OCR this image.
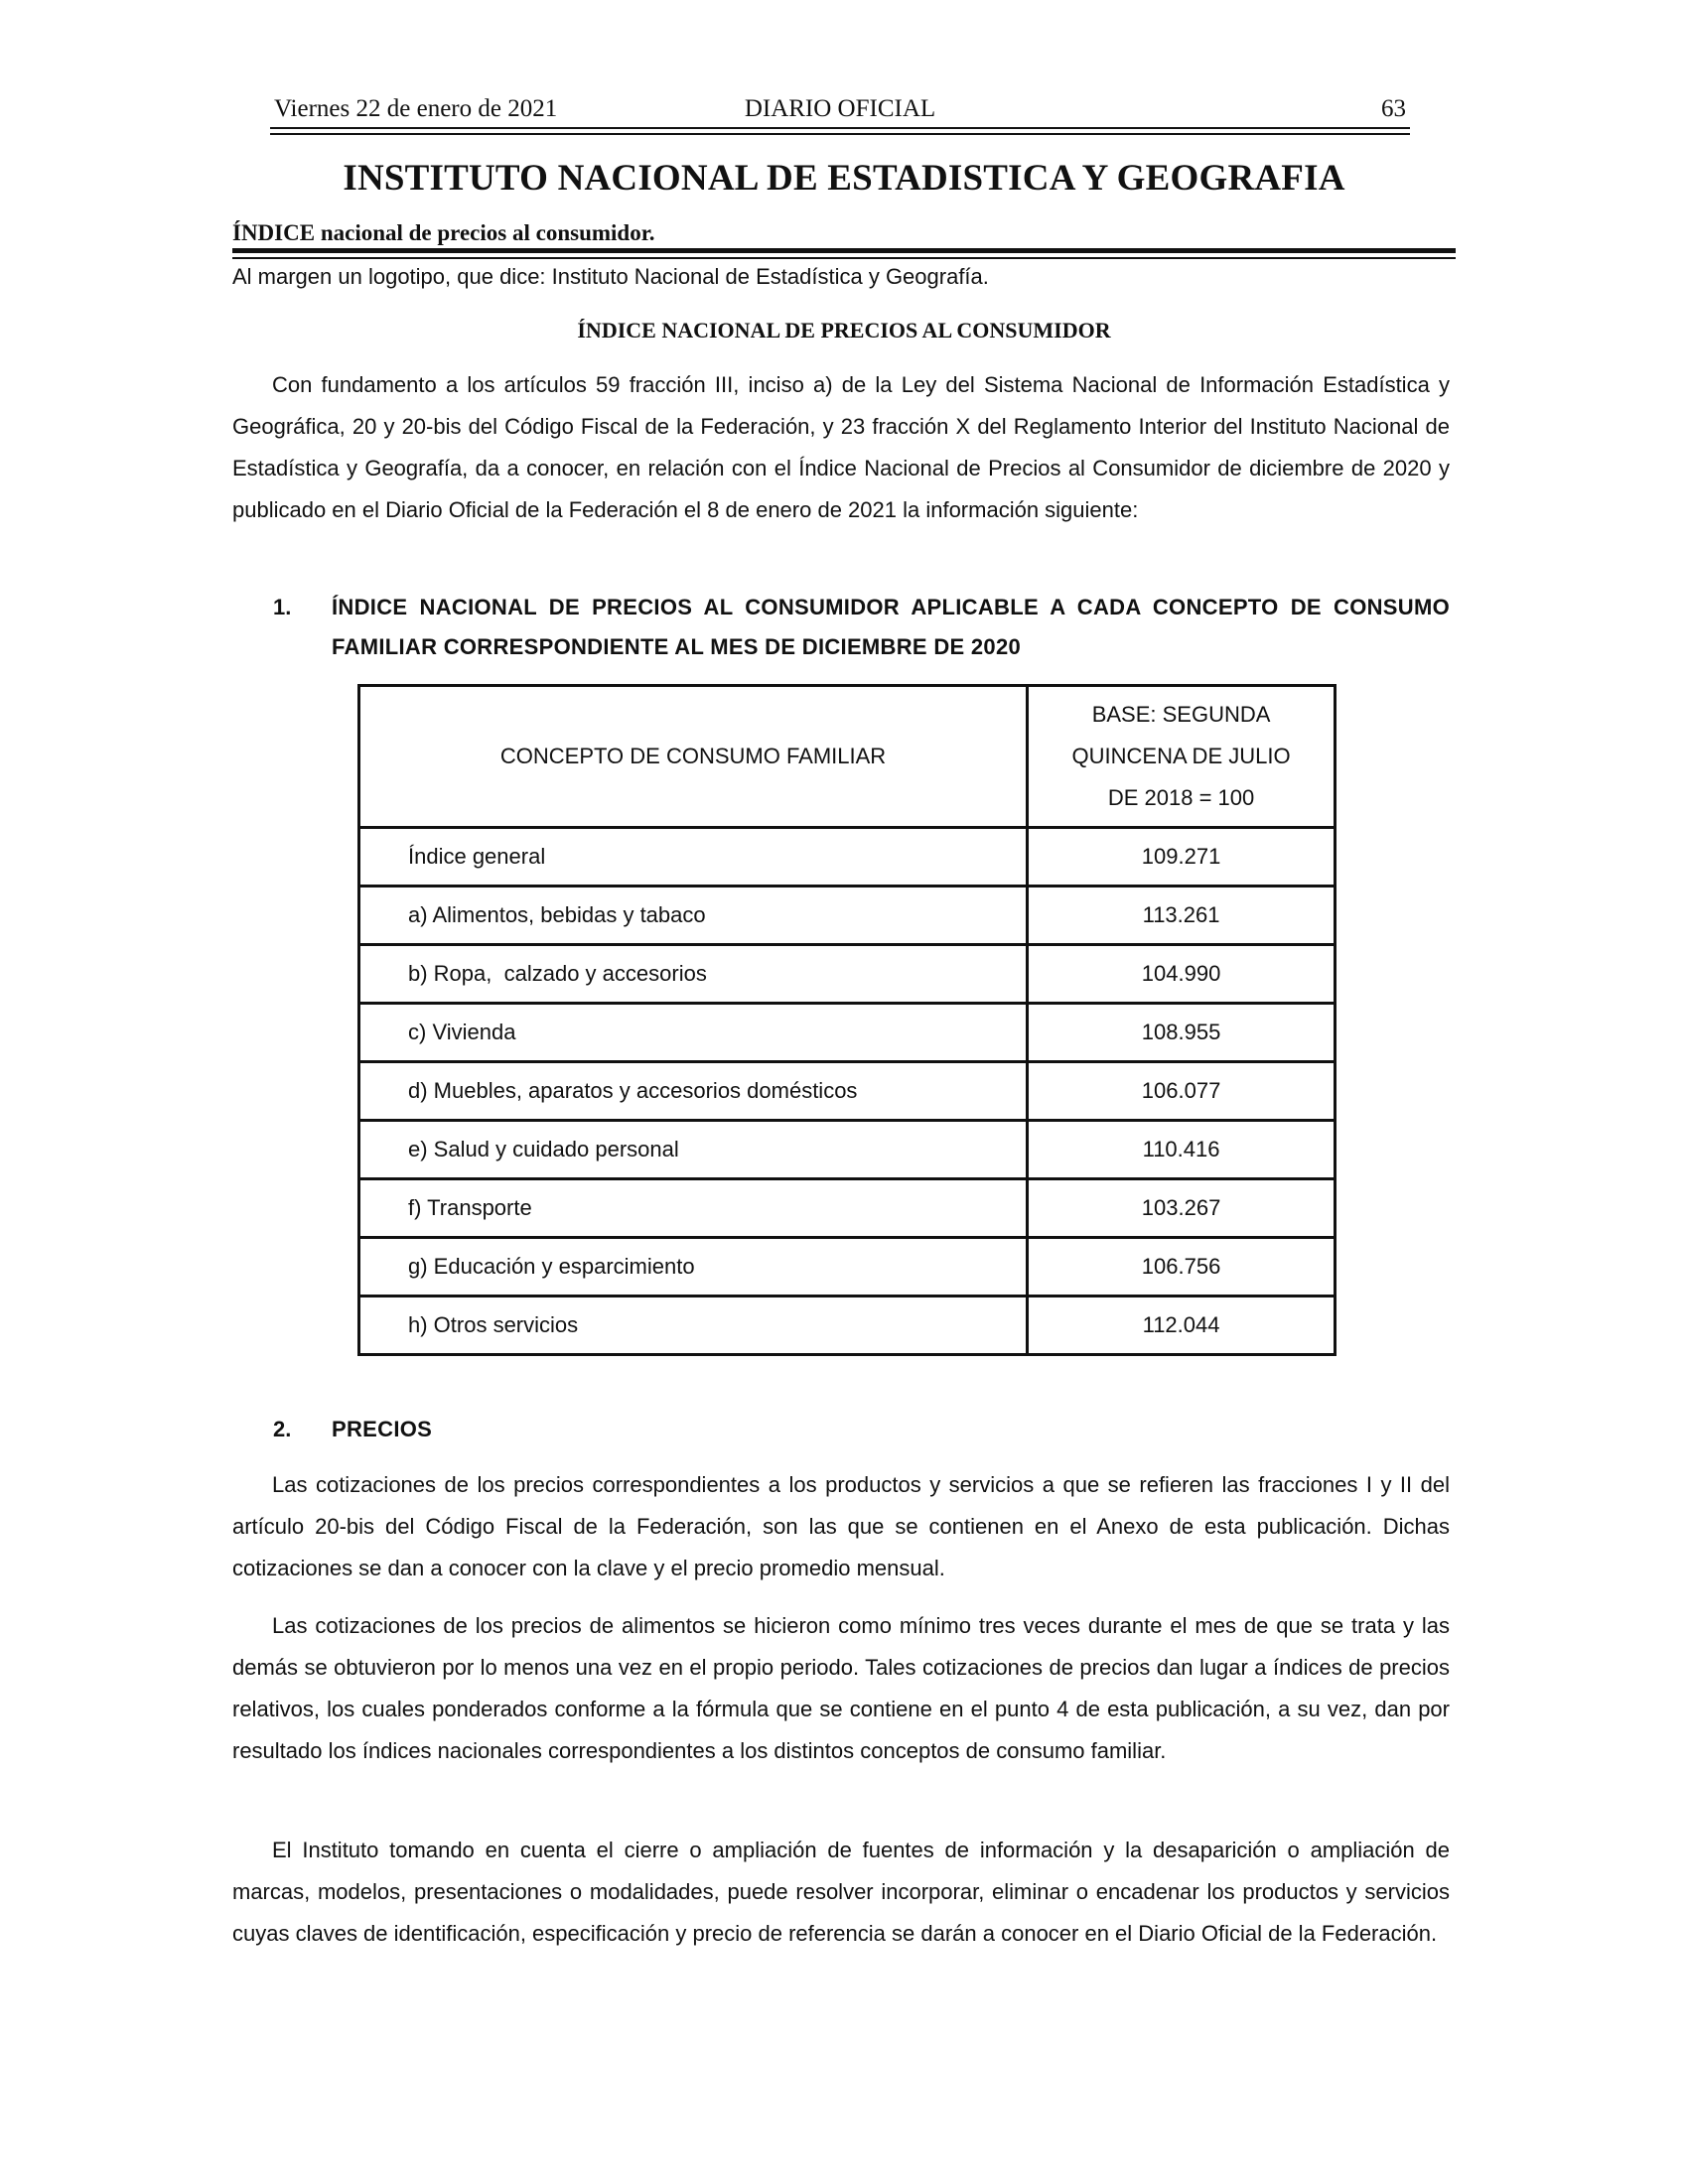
Viernes 22 de enero de 2021	DIARIO OFICIAL	63
INSTITUTO NACIONAL DE ESTADISTICA Y GEOGRAFIA
ÍNDICE nacional de precios al consumidor.
Al margen un logotipo, que dice: Instituto Nacional de Estadística y Geografía.
ÍNDICE NACIONAL DE PRECIOS AL CONSUMIDOR
Con fundamento a los artículos 59 fracción III, inciso a) de la Ley del Sistema Nacional de Información Estadística y Geográfica, 20 y 20-bis del Código Fiscal de la Federación, y 23 fracción X del Reglamento Interior del Instituto Nacional de Estadística y Geografía, da a conocer, en relación con el Índice Nacional de Precios al Consumidor de diciembre de 2020 y publicado en el Diario Oficial de la Federación el 8 de enero de 2021 la información siguiente:
1. ÍNDICE NACIONAL DE PRECIOS AL CONSUMIDOR APLICABLE A CADA CONCEPTO DE CONSUMO FAMILIAR CORRESPONDIENTE AL MES DE DICIEMBRE DE 2020
CONCEPTO DE CONSUMO FAMILIAR	BASE: SEGUNDA
QUINCENA DE JULIO
DE 2018 = 100
Índice general	109.271
a) Alimentos, bebidas y tabaco	113.261
b) Ropa,  calzado y accesorios	104.990
c) Vivienda	108.955
d) Muebles, aparatos y accesorios domésticos	106.077
e) Salud y cuidado personal	110.416
f) Transporte	103.267
g) Educación y esparcimiento	106.756
h) Otros servicios	112.044
2. PRECIOS
Las cotizaciones de los precios correspondientes a los productos y servicios a que se refieren las fracciones I y II del artículo 20-bis del Código Fiscal de la Federación, son las que se contienen en el Anexo de esta publicación. Dichas cotizaciones se dan a conocer con la clave y el precio promedio mensual.
Las cotizaciones de los precios de alimentos se hicieron como mínimo tres veces durante el mes de que se trata y las demás se obtuvieron por lo menos una vez en el propio periodo. Tales cotizaciones de precios dan lugar a índices de precios relativos, los cuales ponderados conforme a la fórmula que se contiene en el punto 4 de esta publicación, a su vez, dan por resultado los índices nacionales correspondientes a los distintos conceptos de consumo familiar.
El Instituto tomando en cuenta el cierre o ampliación de fuentes de información y la desaparición o ampliación de marcas, modelos, presentaciones o modalidades, puede resolver incorporar, eliminar o encadenar los productos y servicios cuyas claves de identificación, especificación y precio de referencia se darán a conocer en el Diario Oficial de la Federación.
